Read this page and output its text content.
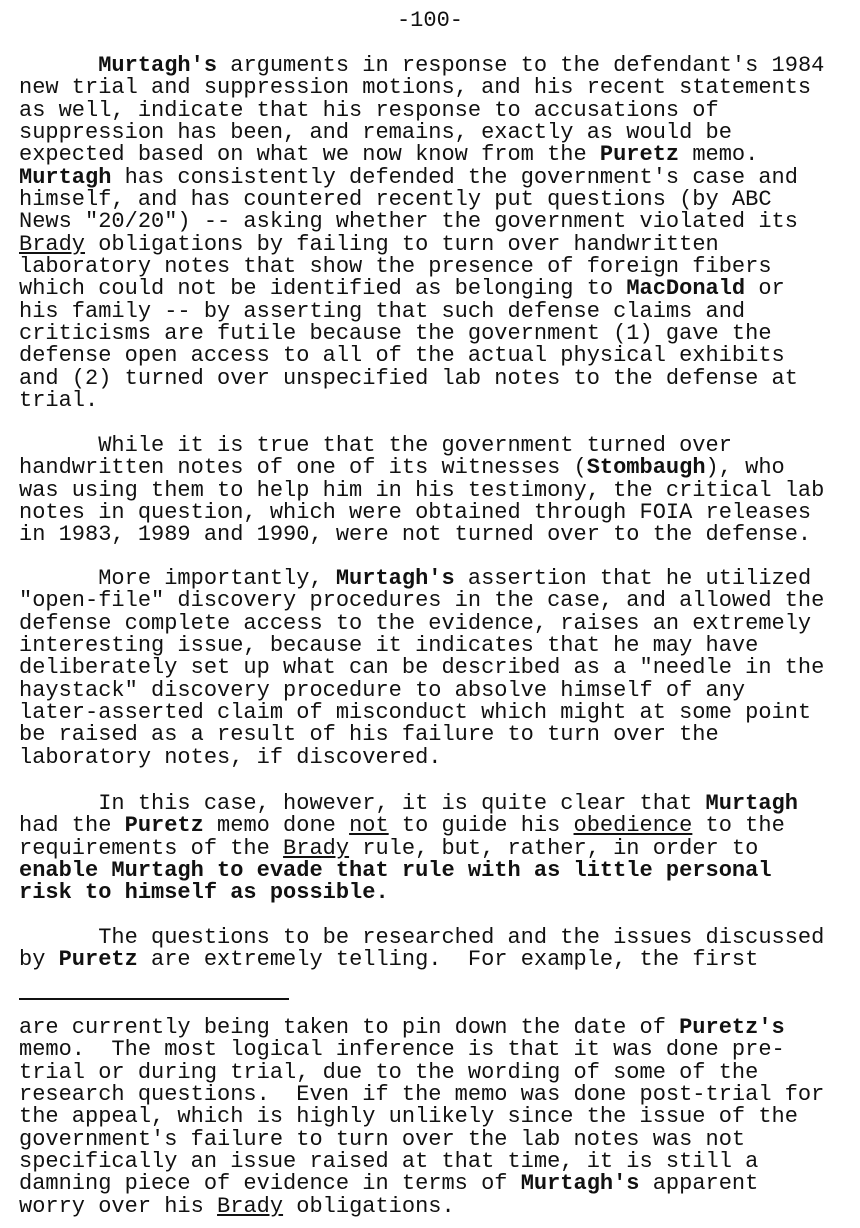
-100-
Murtagh's arguments in response to the defendant's 1984
new trial and suppression motions, and his recent statements
as well, indicate that his response to accusations of
suppression has been, and remains, exactly as would be
expected based on what we now know from the Puretz memo.
Murtagh has consistently defended the government's case and
himself, and has countered recently put questions (by ABC
News "20/20") -- asking whether the government violated its
Brady obligations by failing to turn over handwritten
laboratory notes that show the presence of foreign fibers
which could not be identified as belonging to MacDonald or
his family -- by asserting that such defense claims and
criticisms are futile because the government (1) gave the
defense open access to all of the actual physical exhibits
and (2) turned over unspecified lab notes to the defense at
trial.
While it is true that the government turned over
handwritten notes of one of its witnesses (Stombaugh), who
was using them to help him in his testimony, the critical lab
notes in question, which were obtained through FOIA releases
in 1983, 1989 and 1990, were not turned over to the defense.
More importantly, Murtagh's assertion that he utilized
"open-file" discovery procedures in the case, and allowed the
defense complete access to the evidence, raises an extremely
interesting issue, because it indicates that he may have
deliberately set up what can be described as a "needle in the
haystack" discovery procedure to absolve himself of any
later-asserted claim of misconduct which might at some point
be raised as a result of his failure to turn over the
laboratory notes, if discovered.
In this case, however, it is quite clear that Murtagh
had the Puretz memo done not to guide his obedience to the
requirements of the Brady rule, but, rather, in order to
enable Murtagh to evade that rule with as little personal
risk to himself as possible.
The questions to be researched and the issues discussed
by Puretz are extremely telling.  For example, the first
are currently being taken to pin down the date of Puretz's
memo.  The most logical inference is that it was done pre-
trial or during trial, due to the wording of some of the
research questions.  Even if the memo was done post-trial for
the appeal, which is highly unlikely since the issue of the
government's failure to turn over the lab notes was not
specifically an issue raised at that time, it is still a
damning piece of evidence in terms of Murtagh's apparent
worry over his Brady obligations.
